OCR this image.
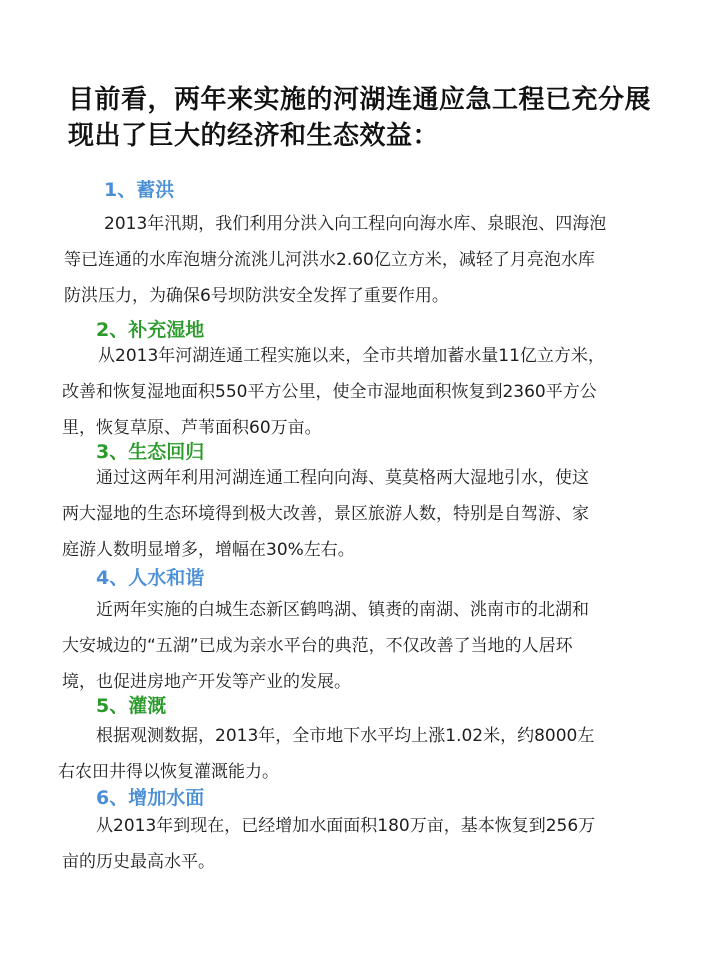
目前看，两年来实施的河湖连通应急工程已充分展
现出了巨大的经济和生态效益：
1、蓄洪
2013年汛期，我们利用分洪入向工程向向海水库、泉眼泡、四海泡
等已连通的水库泡塘分流洮儿河洪水2.60亿立方米，减轻了月亮泡水库
防洪压力，为确保6号坝防洪安全发挥了重要作用。
2、补充湿地
从2013年河湖连通工程实施以来，全市共增加蓄水量11亿立方米，
改善和恢复湿地面积550平方公里，使全市湿地面积恢复到2360平方公
里，恢复草原、芦苇面积60万亩。
3、生态回归
通过这两年利用河湖连通工程向向海、莫莫格两大湿地引水，使这
两大湿地的生态环境得到极大改善，景区旅游人数，特别是自驾游、家
庭游人数明显增多，增幅在30%左右。
4、人水和谐
近两年实施的白城生态新区鹤鸣湖、镇赉的南湖、洮南市的北湖和
大安城边的“五湖”已成为亲水平台的典范，不仅改善了当地的人居环
境，也促进房地产开发等产业的发展。
5、灌溉
根据观测数据，2013年，全市地下水平均上涨1.02米，约8000左
右农田井得以恢复灌溉能力。
6、增加水面
从2013年到现在，已经增加水面面积180万亩，基本恢复到256万
亩的历史最高水平。
